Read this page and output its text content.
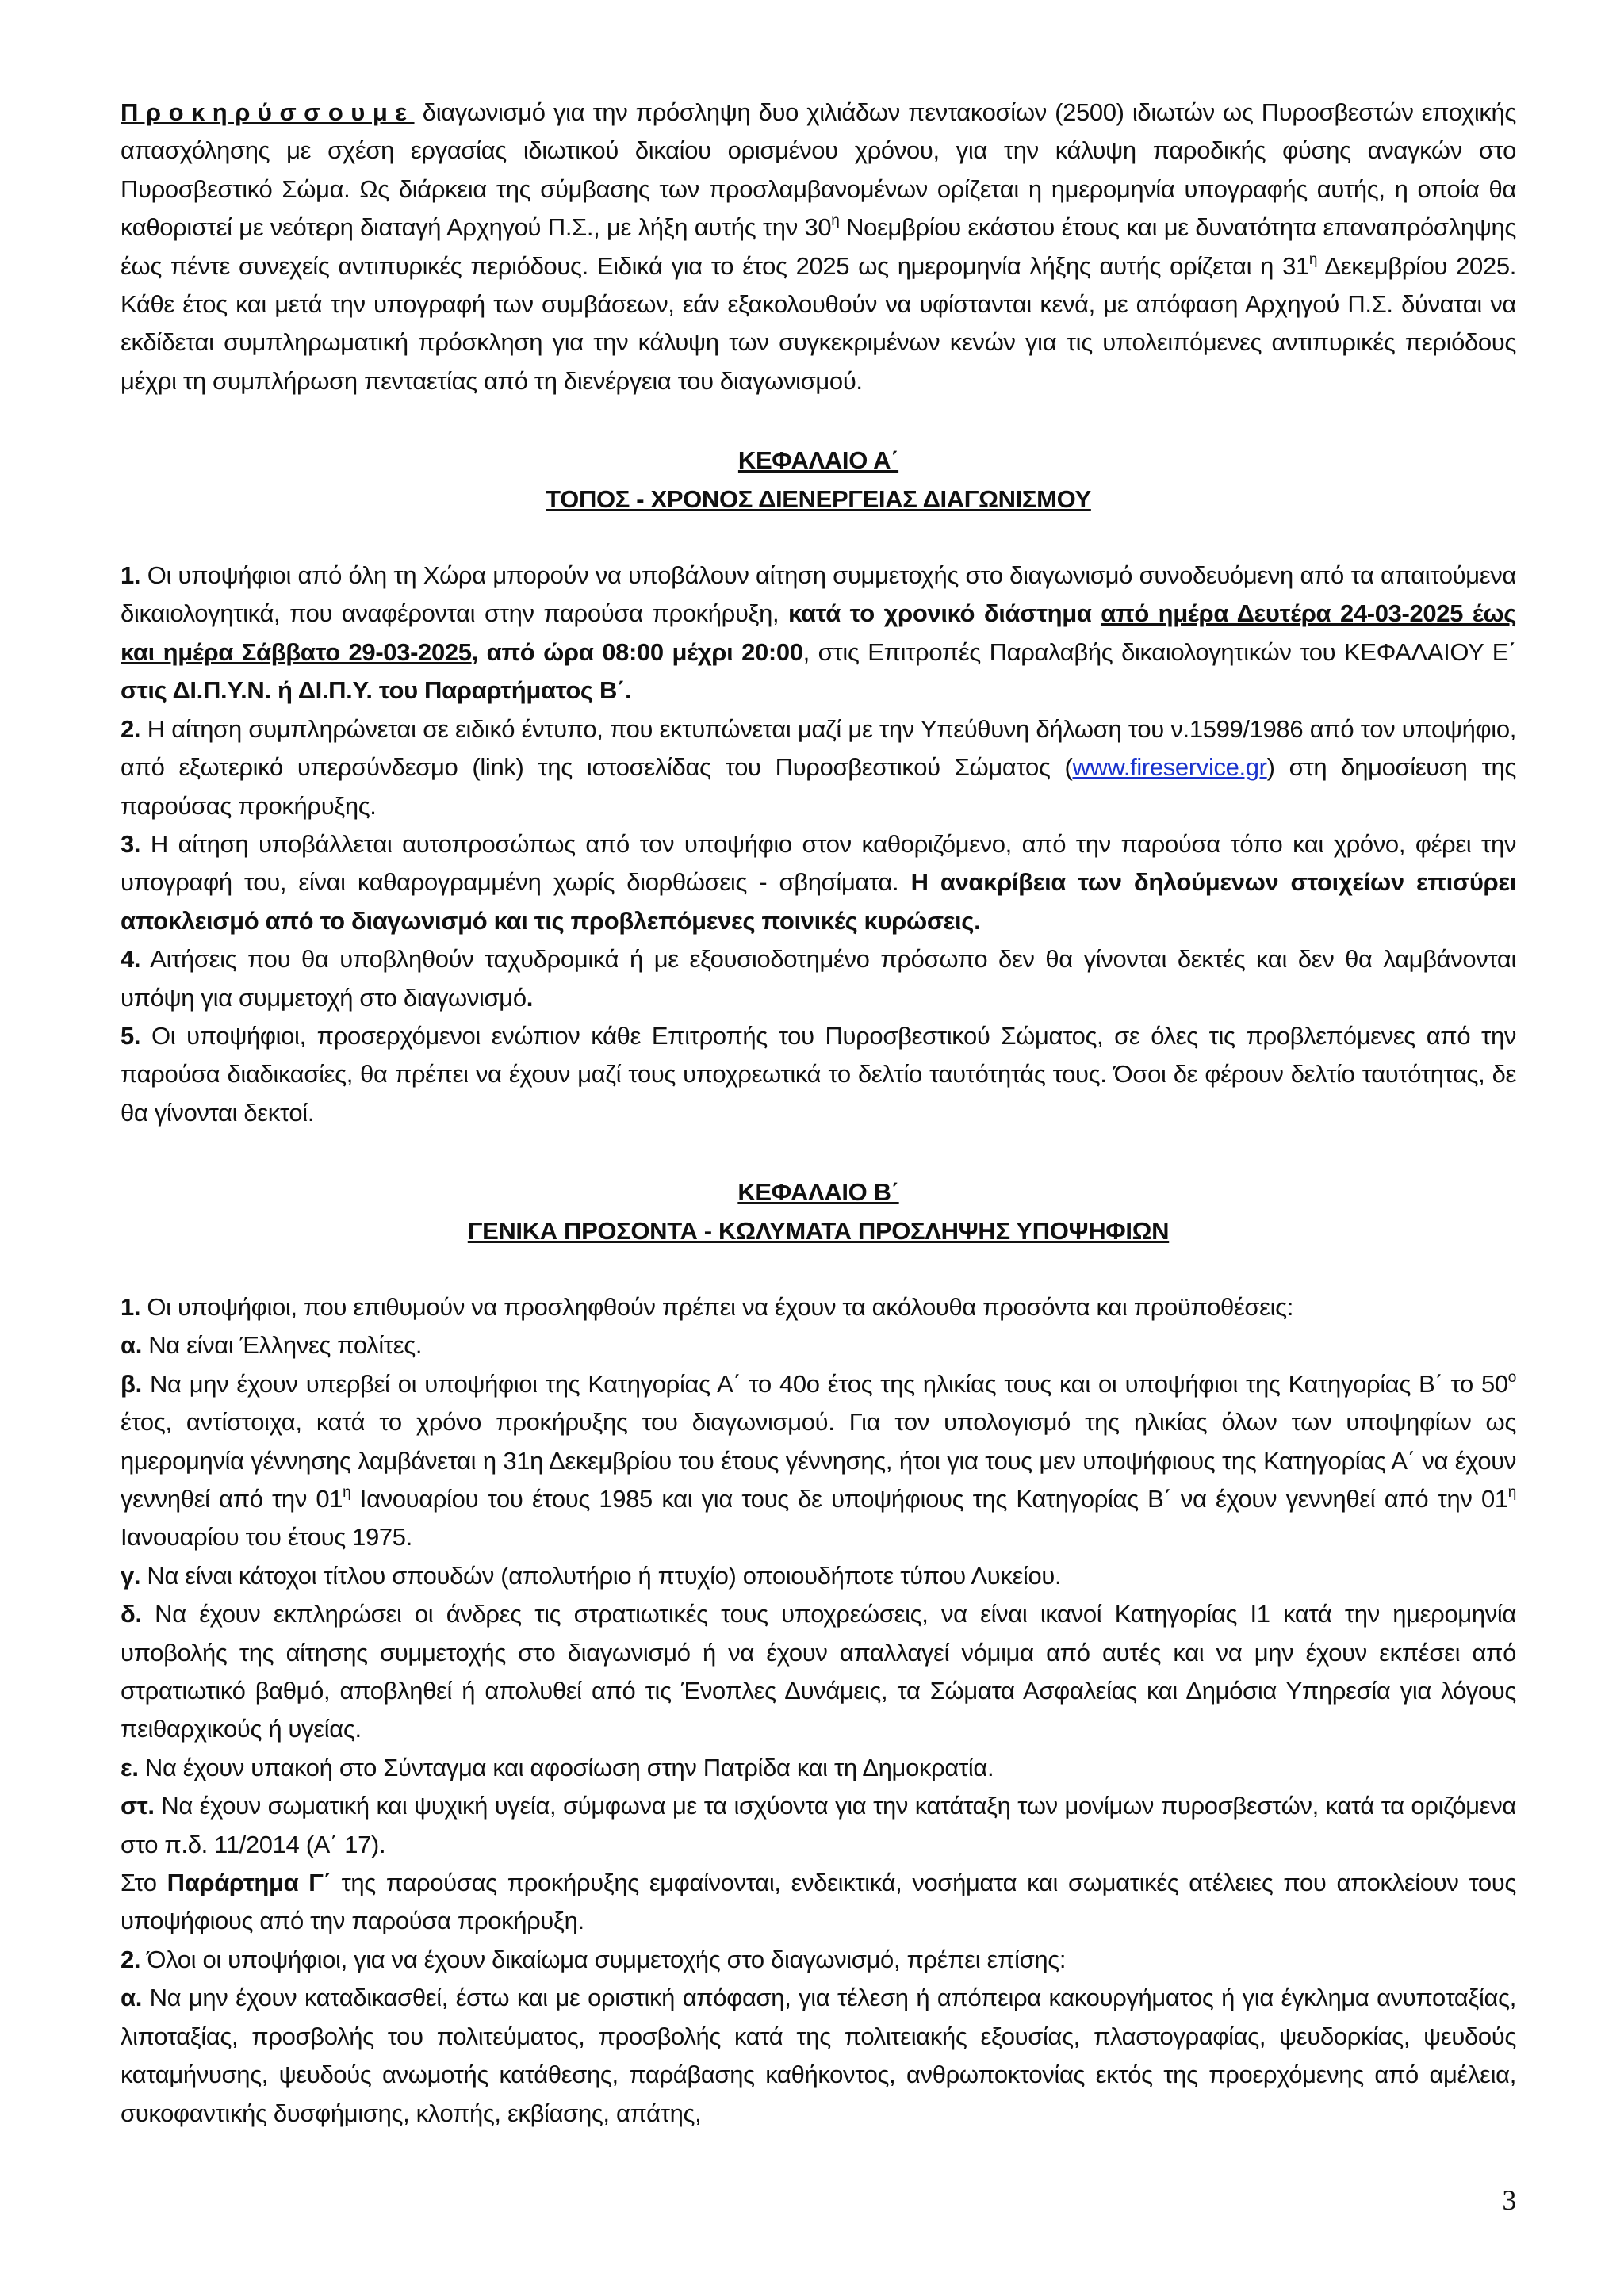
Προκηρύσσουμε διαγωνισμό για την πρόσληψη δυο χιλιάδων πεντακοσίων (2500) ιδιωτών ως Πυροσβεστών εποχικής απασχόλησης με σχέση εργασίας ιδιωτικού δικαίου ορισμένου χρόνου, για την κάλυψη παροδικής φύσης αναγκών στο Πυροσβεστικό Σώμα. Ως διάρκεια της σύμβασης των προσλαμβανομένων ορίζεται η ημερομηνία υπογραφής αυτής, η οποία θα καθοριστεί με νεότερη διαταγή Αρχηγού Π.Σ., με λήξη αυτής την $30^\eta$ Νοεμβρίου εκάστου έτους και με δυνατότητα επαναπρόσληψης έως πέντε συνεχείς αντιπυρικές περιόδους. Ειδικά για το έτος 2025 ως ημερομηνία λήξης αυτής ορίζεται η $31^\eta$ Δεκεμβρίου 2025. Κάθε έτος και μετά την υπογραφή των συμβάσεων, εάν εξακολουθούν να υφίστανται κενά, με απόφαση Αρχηγού Π.Σ. δύναται να εκδίδεται συμπληρωματική πρόσκληση για την κάλυψη των συγκεκριμένων κενών για τις υπολειπόμενες αντιπυρικές περιόδους μέχρι τη συμπλήρωση πενταετίας από τη διενέργεια του διαγωνισμού.

ΚΕΦΑΛΑΙΟ Α΄
ΤΟΠΟΣ - ΧΡΟΝΟΣ ΔΙΕΝΕΡΓΕΙΑΣ ΔΙΑΓΩΝΙΣΜΟΥ

1. Οι υποψήφιοι από όλη τη Χώρα μπορούν να υποβάλουν αίτηση συμμετοχής στο διαγωνισμό συνοδευόμενη από τα απαιτούμενα δικαιολογητικά, που αναφέρονται στην παρούσα προκήρυξη, κατά το χρονικό διάστημα από ημέρα Δευτέρα 24-03-2025 έως και ημέρα Σάββατο 29-03-2025, από ώρα 08:00 μέχρι 20:00, στις Επιτροπές Παραλαβής δικαιολογητικών του ΚΕΦΑΛΑΙΟΥ Ε΄ στις ΔΙ.Π.Υ.Ν. ή ΔΙ.Π.Υ. του Παραρτήματος Β΄.

2. Η αίτηση συμπληρώνεται σε ειδικό έντυπο, που εκτυπώνεται μαζί με την Υπεύθυνη δήλωση του ν.1599/1986 από τον υποψήφιο, από εξωτερικό υπερσύνδεσμο (link) της ιστοσελίδας του Πυροσβεστικού Σώματος (www.fireservice.gr) στη δημοσίευση της παρούσας προκήρυξης.

3. Η αίτηση υποβάλλεται αυτοπροσώπως από τον υποψήφιο στον καθοριζόμενο, από την παρούσα τόπο και χρόνο, φέρει την υπογραφή του, είναι καθαρογραμμένη χωρίς διορθώσεις - σβησίματα. Η ανακρίβεια των δηλούμενων στοιχείων επισύρει αποκλεισμό από το διαγωνισμό και τις προβλεπόμενες ποινικές κυρώσεις.

4. Αιτήσεις που θα υποβληθούν ταχυδρομικά ή με εξουσιοδοτημένο πρόσωπο δεν θα γίνονται δεκτές και δεν θα λαμβάνονται υπόψη για συμμετοχή στο διαγωνισμό.

5. Οι υποψήφιοι, προσερχόμενοι ενώπιον κάθε Επιτροπής του Πυροσβεστικού Σώματος, σε όλες τις προβλεπόμενες από την παρούσα διαδικασίες, θα πρέπει να έχουν μαζί τους υποχρεωτικά το δελτίο ταυτότητάς τους. Όσοι δε φέρουν δελτίο ταυτότητας, δε θα γίνονται δεκτοί.

ΚΕΦΑΛΑΙΟ Β΄
ΓΕΝΙΚΑ ΠΡΟΣΟΝΤΑ - ΚΩΛΥΜΑΤΑ ΠΡΟΣΛΗΨΗΣ ΥΠΟΨΗΦΙΩΝ

1. Οι υποψήφιοι, που επιθυμούν να προσληφθούν πρέπει να έχουν τα ακόλουθα προσόντα και προϋποθέσεις:

α. Να είναι Έλληνες πολίτες.

β. Να μην έχουν υπερβεί οι υποψήφιοι της Κατηγορίας Α΄ το 40ο έτος της ηλικίας τους και οι υποψήφιοι της Κατηγορίας Β΄ το $50^o$ έτος, αντίστοιχα, κατά το χρόνο προκήρυξης του διαγωνισμού. Για τον υπολογισμό της ηλικίας όλων των υποψηφίων ως ημερομηνία γέννησης λαμβάνεται η 31η Δεκεμβρίου του έτους γέννησης, ήτοι για τους μεν υποψήφιους της Κατηγορίας Α΄ να έχουν γεννηθεί από την $01^\eta$ Ιανουαρίου του έτους 1985 και για τους δε υποψήφιους της Κατηγορίας Β΄ να έχουν γεννηθεί από την $01^\eta$ Ιανουαρίου του έτους 1975.

γ. Να είναι κάτοχοι τίτλου σπουδών (απολυτήριο ή πτυχίο) οποιουδήποτε τύπου Λυκείου.

δ. Να έχουν εκπληρώσει οι άνδρες τις στρατιωτικές τους υποχρεώσεις, να είναι ικανοί Κατηγορίας Ι1 κατά την ημερομηνία υποβολής της αίτησης συμμετοχής στο διαγωνισμό ή να έχουν απαλλαγεί νόμιμα από αυτές και να μην έχουν εκπέσει από στρατιωτικό βαθμό, αποβληθεί ή απολυθεί από τις Ένοπλες Δυνάμεις, τα Σώματα Ασφαλείας και Δημόσια Υπηρεσία για λόγους πειθαρχικούς ή υγείας.

ε. Να έχουν υπακοή στο Σύνταγμα και αφοσίωση στην Πατρίδα και τη Δημοκρατία.

στ. Να έχουν σωματική και ψυχική υγεία, σύμφωνα με τα ισχύοντα για την κατάταξη των μονίμων πυροσβεστών, κατά τα οριζόμενα στο π.δ. 11/2014 (Α΄ 17).

Στο Παράρτημα Γ΄ της παρούσας προκήρυξης εμφαίνονται, ενδεικτικά, νοσήματα και σωματικές ατέλειες που αποκλείουν τους υποψήφιους από την παρούσα προκήρυξη.

2. Όλοι οι υποψήφιοι, για να έχουν δικαίωμα συμμετοχής στο διαγωνισμό, πρέπει επίσης:

α. Να μην έχουν καταδικασθεί, έστω και με οριστική απόφαση, για τέλεση ή απόπειρα κακουργήματος ή για έγκλημα ανυποταξίας, λιποταξίας, προσβολής του πολιτεύματος, προσβολής κατά της πολιτειακής εξουσίας, πλαστογραφίας, ψευδορκίας, ψευδούς καταμήνυσης, ψευδούς ανωμοτής κατάθεσης, παράβασης καθήκοντος, ανθρωποκτονίας εκτός της προερχόμενης από αμέλεια, συκοφαντικής δυσφήμισης, κλοπής, εκβίασης, απάτης,

3
